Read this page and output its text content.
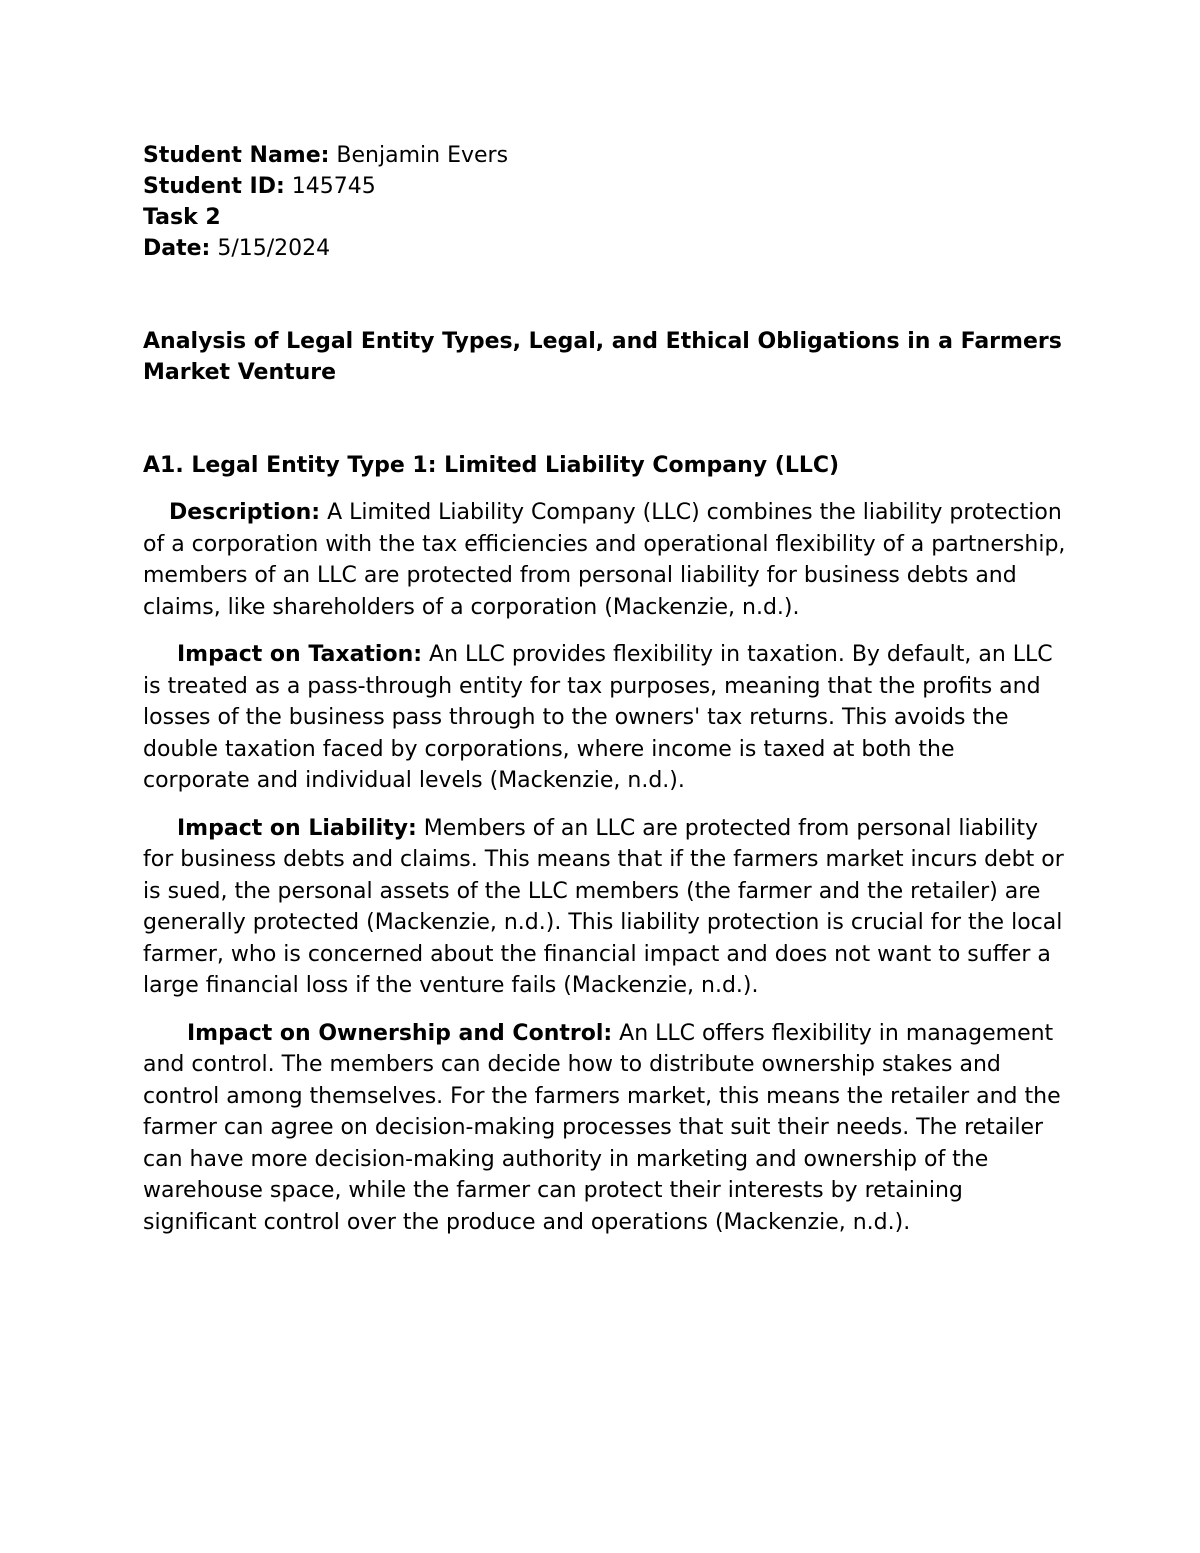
Student Name: Benjamin Evers

Student ID: 145745

Task 2

Date: 5/15/2024

Analysis of Legal Entity Types, Legal, and Ethical Obligations in a Farmers Market Venture
A1. Legal Entity Type 1: Limited Liability Company (LLC)

Description: A Limited Liability Company (LLC) combines the liability protection of a corporation with the tax efficiencies and operational flexibility of a partnership, members of an LLC are protected from personal liability for business debts and claims, like shareholders of a corporation (Mackenzie, n.d.).

Impact on Taxation: An LLC provides flexibility in taxation. By default, an LLC is treated as a pass-through entity for tax purposes, meaning that the profits and losses of the business pass through to the owners' tax returns. This avoids the double taxation faced by corporations, where income is taxed at both the corporate and individual levels (Mackenzie, n.d.).

Impact on Liability: Members of an LLC are protected from personal liability for business debts and claims. This means that if the farmers market incurs debt or is sued, the personal assets of the LLC members (the farmer and the retailer) are generally protected (Mackenzie, n.d.). This liability protection is crucial for the local farmer, who is concerned about the financial impact and does not want to suffer a large financial loss if the venture fails (Mackenzie, n.d.).

Impact on Ownership and Control: An LLC offers flexibility in management and control. The members can decide how to distribute ownership stakes and control among themselves. For the farmers market, this means the retailer and the farmer can agree on decision-making processes that suit their needs. The retailer can have more decision-making authority in marketing and ownership of the warehouse space, while the farmer can protect their interests by retaining significant control over the produce and operations (Mackenzie, n.d.).
